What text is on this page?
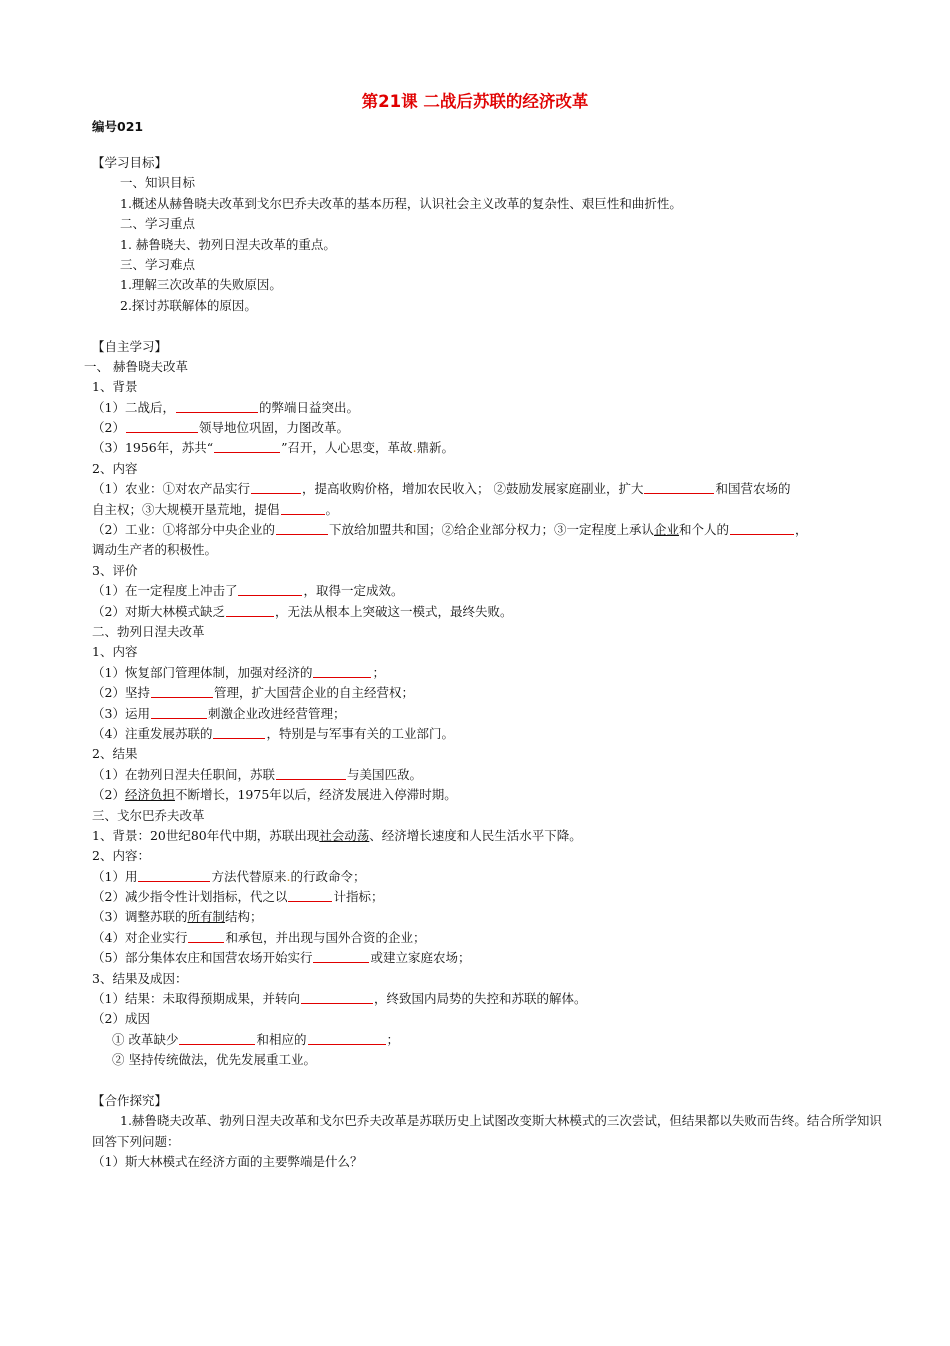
第21课 二战后苏联的经济改革
编号021
【学习目标】
一、知识目标
1.概述从赫鲁晓夫改革到戈尔巴乔夫改革的基本历程，认识社会主义改革的复杂性、艰巨性和曲折性。
二、学习重点
1. 赫鲁晓夫、勃列日涅夫改革的重点。
三、学习难点
1.理解三次改革的失败原因。
2.探讨苏联解体的原因。
【自主学习】
一、 赫鲁晓夫改革
1、背景
（1）二战后，	的弊端日益突出。
（2）	领导地位巩固，力图改革。
（3）1956年，苏共“	”召开，人心思变，革故.鼎新。
2、内容
（1）农业：①对农产品实行	，提高收购价格，增加农民收入； ②鼓励发展家庭副业，扩大	和国营农场的
自主权；③大规模开垦荒地，提倡	。
（2）工业：①将部分中央企业的	下放给加盟共和国；②给企业部分权力；③一定程度上承认企业和个人的	，
调动生产者的积极性。
3、评价
（1）在一定程度上冲击了	，取得一定成效。
（2）对斯大林模式缺乏	，无法从根本上突破这一模式，最终失败。
二、勃列日涅夫改革
1、内容
（1）恢复部门管理体制，加强对经济的	；
（2）坚持	管理，扩大国营企业的自主经营权；
（3）运用	刺激企业改进经营管理；
（4）注重发展苏联的	，特别是与军事有关的工业部门。
2、结果
（1）在勃列日涅夫任职间，苏联	与美国匹敌。
（2）经济负担不断增长，1975年以后，经济发展进入停滞时期。
三、戈尔巴乔夫改革
1、背景：20世纪80年代中期，苏联出现社会动荡、经济增长速度和人民生活水平下降。
2、内容：
（1）用	方法代替原来.的行政命令；
（2）减少指令性计划指标，代之以	计指标；
（3）调整苏联的所有制结构；
（4）对企业实行	和承包，并出现与国外合资的企业；
（5）部分集体农庄和国营农场开始实行	或建立家庭农场；
3、结果及成因：
（1）结果：未取得预期成果，并转向	，终致国内局势的失控和苏联的解体。
（2）成因
① 改革缺少	和相应的	；
② 坚持传统做法，优先发展重工业。
【合作探究】
1.赫鲁晓夫改革、勃列日涅夫改革和戈尔巴乔夫改革是苏联历史上试图改变斯大林模式的三次尝试，但结果都以失败而告终。结合所学知识回答下列问题：
（1）斯大林模式在经济方面的主要弊端是什么？
